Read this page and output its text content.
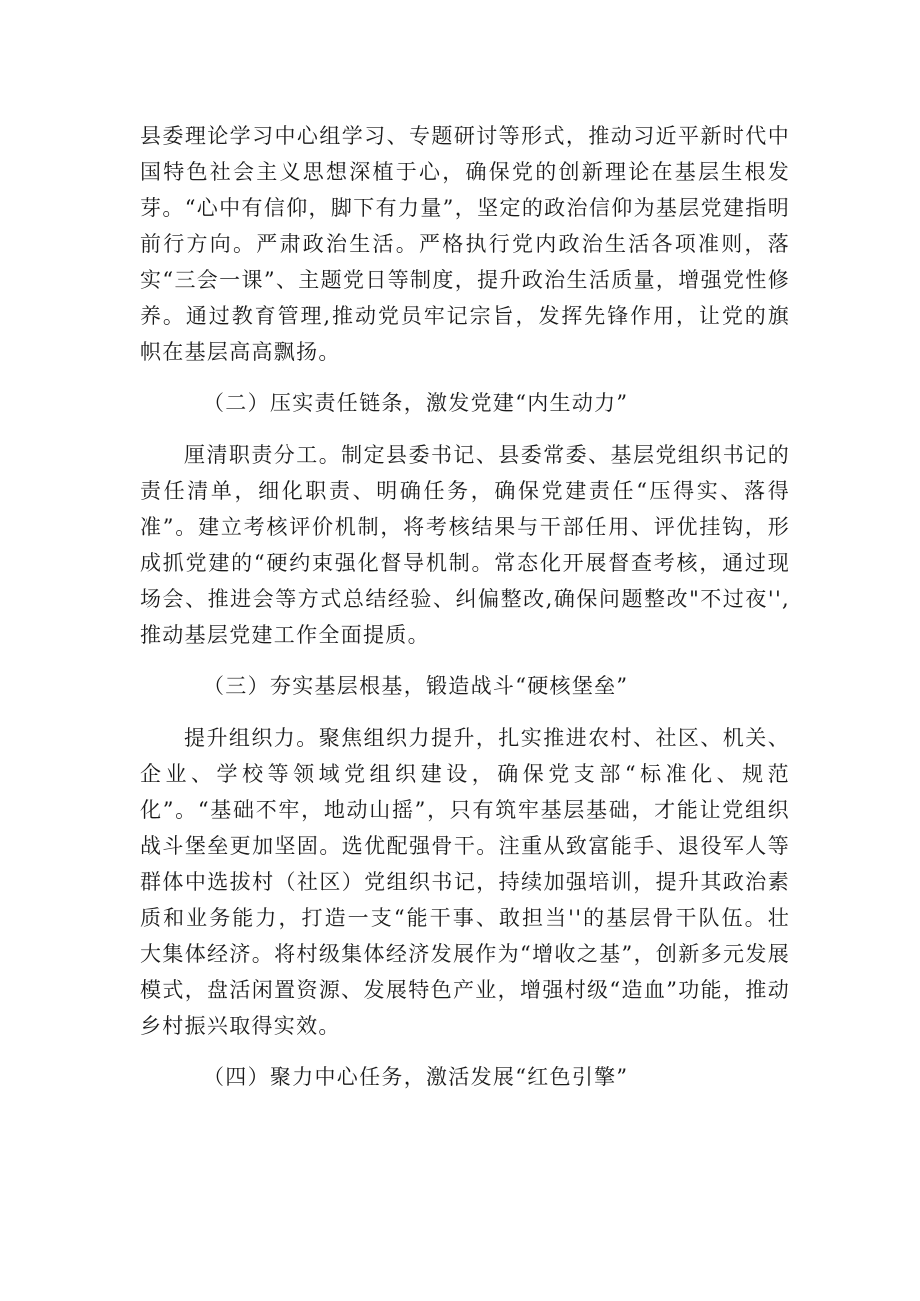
县委理论学习中心组学习、专题研讨等形式，推动习近平新时代中国特色社会主义思想深植于心，确保党的创新理论在基层生根发芽。“心中有信仰，脚下有力量”，坚定的政治信仰为基层党建指明前行方向。严肃政治生活。严格执行党内政治生活各项准则，落实“三会一课”、主题党日等制度，提升政治生活质量，增强党性修养。通过教育管理,推动党员牢记宗旨，发挥先锋作用，让党的旗帜在基层高高飘扬。

（二）压实责任链条，激发党建“内生动力”

厘清职责分工。制定县委书记、县委常委、基层党组织书记的责任清单，细化职责、明确任务，确保党建责任“压得实、落得准”。建立考核评价机制，将考核结果与干部任用、评优挂钩，形成抓党建的“硬约束强化督导机制。常态化开展督查考核，通过现场会、推进会等方式总结经验、纠偏整改,确保问题整改"不过夜'',推动基层党建工作全面提质。

（三）夯实基层根基，锻造战斗“硬核堡垒”

提升组织力。聚焦组织力提升，扎实推进农村、社区、机关、企业、学校等领域党组织建设，确保党支部“标准化、规范化”。“基础不牢，地动山摇”，只有筑牢基层基础，才能让党组织战斗堡垒更加坚固。选优配强骨干。注重从致富能手、退役军人等群体中选拔村（社区）党组织书记，持续加强培训，提升其政治素质和业务能力，打造一支“能干事、敢担当''的基层骨干队伍。壮大集体经济。将村级集体经济发展作为“增收之基”，创新多元发展模式，盘活闲置资源、发展特色产业，增强村级“造血”功能，推动乡村振兴取得实效。

（四）聚力中心任务，激活发展“红色引擎”
